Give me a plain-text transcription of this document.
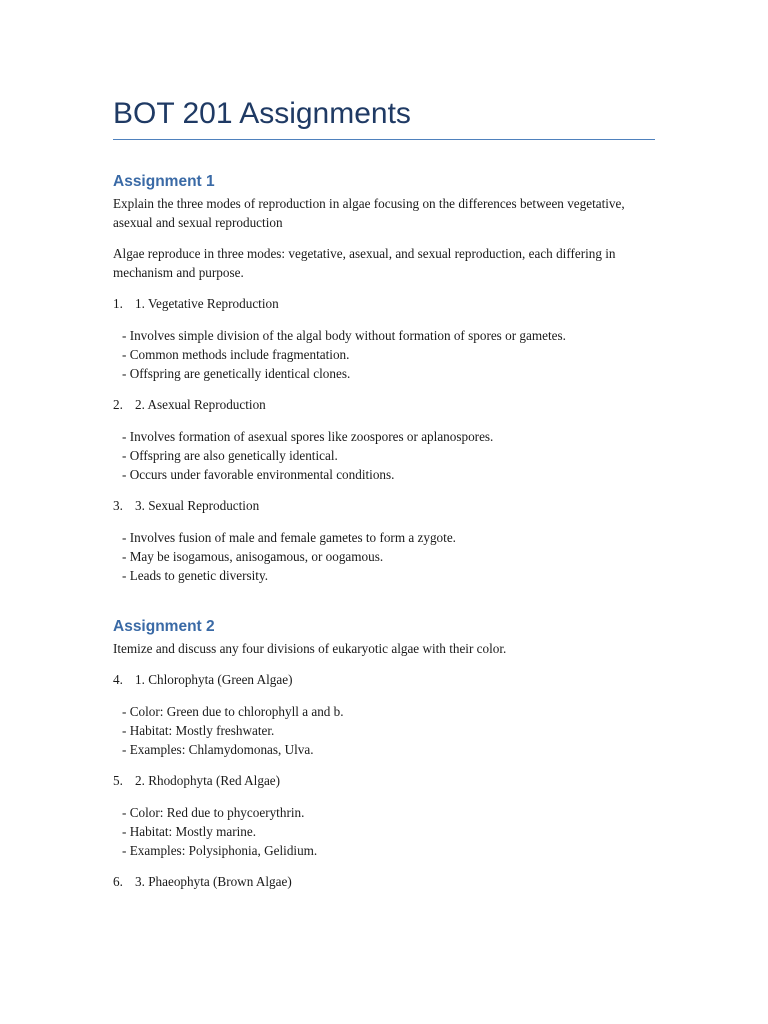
BOT 201 Assignments
Assignment 1

Explain the three modes of reproduction in algae focusing on the differences between vegetative, asexual and sexual reproduction

Algae reproduce in three modes: vegetative, asexual, and sexual reproduction, each differing in mechanism and purpose.

1. 1. Vegetative Reproduction
- Involves simple division of the algal body without formation of spores or gametes.
- Common methods include fragmentation.
- Offspring are genetically identical clones.
2. 2. Asexual Reproduction
- Involves formation of asexual spores like zoospores or aplanospores.
- Offspring are also genetically identical.
- Occurs under favorable environmental conditions.
3. 3. Sexual Reproduction
- Involves fusion of male and female gametes to form a zygote.
- May be isogamous, anisogamous, or oogamous.
- Leads to genetic diversity.
Assignment 2

Itemize and discuss any four divisions of eukaryotic algae with their color.

4. 1. Chlorophyta (Green Algae)
- Color: Green due to chlorophyll a and b.
- Habitat: Mostly freshwater.
- Examples: Chlamydomonas, Ulva.
5. 2. Rhodophyta (Red Algae)
- Color: Red due to phycoerythrin.
- Habitat: Mostly marine.
- Examples: Polysiphonia, Gelidium.
6. 3. Phaeophyta (Brown Algae)
